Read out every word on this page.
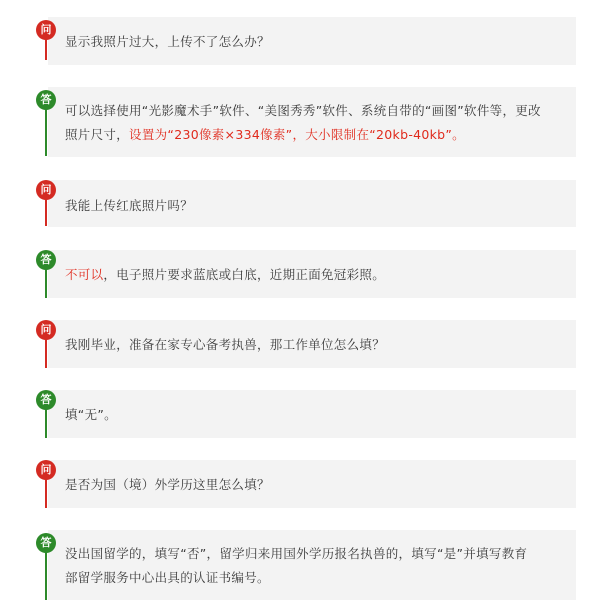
显示我照片过大，上传不了怎么办？
问
可以选择使用“光影魔术手”软件、“美图秀秀”软件、系统自带的“画图”软件等，更改
照片尺寸，设置为“230像素×334像素”，大小限制在“20kb-40kb”。
答
我能上传红底照片吗？
问
不可以，电子照片要求蓝底或白底，近期正面免冠彩照。
答
我刚毕业，准备在家专心备考执兽，那工作单位怎么填？
问
填“无”。
答
是否为国（境）外学历这里怎么填？
问
没出国留学的，填写“否”，留学归来用国外学历报名执兽的，填写“是”并填写教育
部留学服务中心出具的认证书编号。
答
